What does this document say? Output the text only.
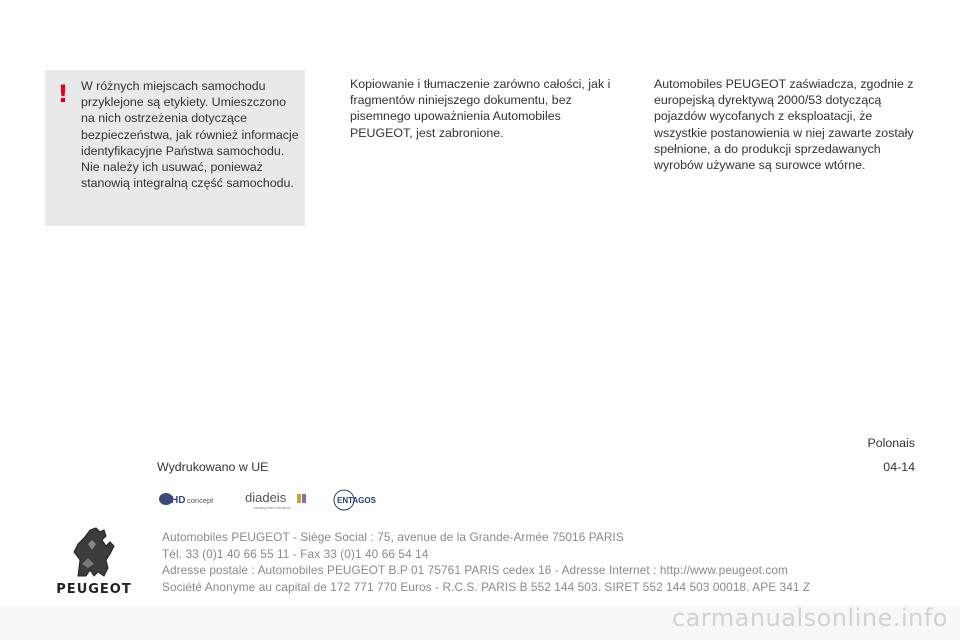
! W różnych miejscach samochodu przyklejone są etykiety. Umieszczono na nich ostrzeżenia dotyczące bezpieczeństwa, jak również informacje identyfikacyjne Państwa samochodu. Nie należy ich usuwać, ponieważ stanowią integralną część samochodu.
Kopiowanie i tłumaczenie zarówno całości, jak i fragmentów niniejszego dokumentu, bez pisemnego upoważnienia Automobiles PEUGEOT, jest zabronione.
Automobiles PEUGEOT zaświadcza, zgodnie z europejską dyrektywą 2000/53 dotyczącą pojazdów wycofanych z eksploatacji, że wszystkie postanowienia w niej zawarte zostały spełnione, a do produkcji sprzedawanych wyrobów używane są surowce wtórne.
Polonais
Wydrukowano w UE	04-14
HD concept diadeis
creating brand efficiency
ENTAGOS
Automobiles PEUGEOT - Siège Social : 75, avenue de la Grande-Armée 75016 PARIS
Tél. 33 (0)1 40 66 55 11 - Fax 33 (0)1 40 66 54 14
Adresse postale : Automobiles PEUGEOT B.P 01 75761 PARIS cedex 16 - Adresse Internet : http://www.peugeot.com
Société Anonyme au capital de 172 771 770 Euros - R.C.S. PARIS B 552 144 503. SIRET 552 144 503 00018. APE 341 Z
PEUGEOT
carmanualsonline.info
